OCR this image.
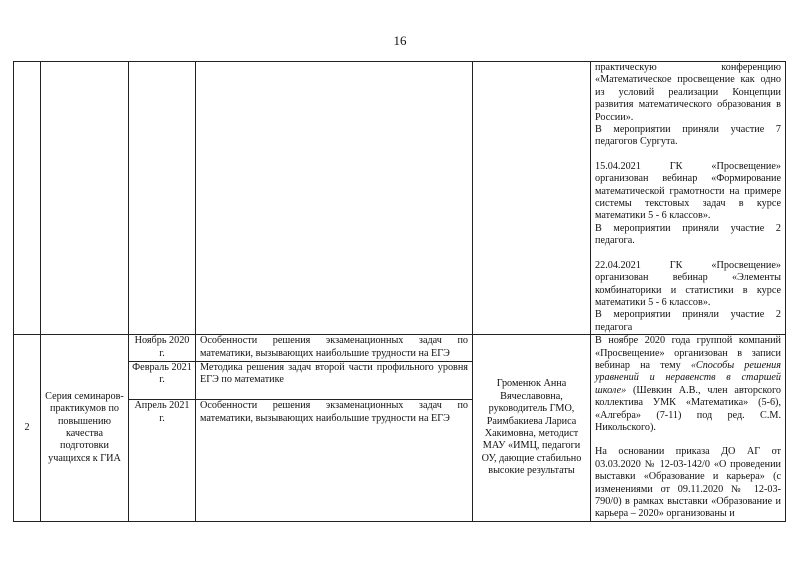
16

практическую конференцию «Математическое просвещение как одно из условий реализации Концепции развития математического образования в России».

В мероприятии приняли участие 7 педагогов Сургута.

15.04.2021 ГК «Просвещение» организован вебинар «Формирование математической грамотности на примере системы текстовых задач в курсе математики 5 - 6 классов».

В мероприятии приняли участие 2 педагога.

22.04.2021 ГК «Просвещение» организован вебинар «Элементы комбинаторики и статистики в курсе математики 5 - 6 классов».

В мероприятии приняли участие 2 педагога

2	Серия семинаров-практикумов по повышению качества подготовки учащихся к ГИА	Ноябрь 2020 г.	Особенности решения экзаменационных задач по математики, вызывающих наибольшие трудности на ЕГЭ	Громенюк Анна Вячеславовна, руководитель ГМО, Раимбакиева Лариса Хакимовна, методист МАУ «ИМЦ, педагоги ОУ, дающие стабильно высокие результаты	В ноябре 2020 года группой компаний «Просвещение» организован в записи вебинар на тему «Способы решения уравнений и неравенств в старшей школе» (Шевкин А.В., член авторского коллектива УМК «Математика» (5-6), «Алгебра» (7-11) под ред. С.М. Никольского).

На основании приказа ДО АГ от 03.03.2020 № 12-03-142/0 «О проведении выставки «Образование и карьера» (с изменениями от 09.11.2020 № 12-03-790/0) в рамках выставки «Образование и карьера – 2020» организованы и

		Февраль 2021 г.	Методика решения задач второй части профильного уровня ЕГЭ по математике		
		Апрель 2021 г.	Особенности решения экзаменационных задач по математики, вызывающих наибольшие трудности на ЕГЭ		
